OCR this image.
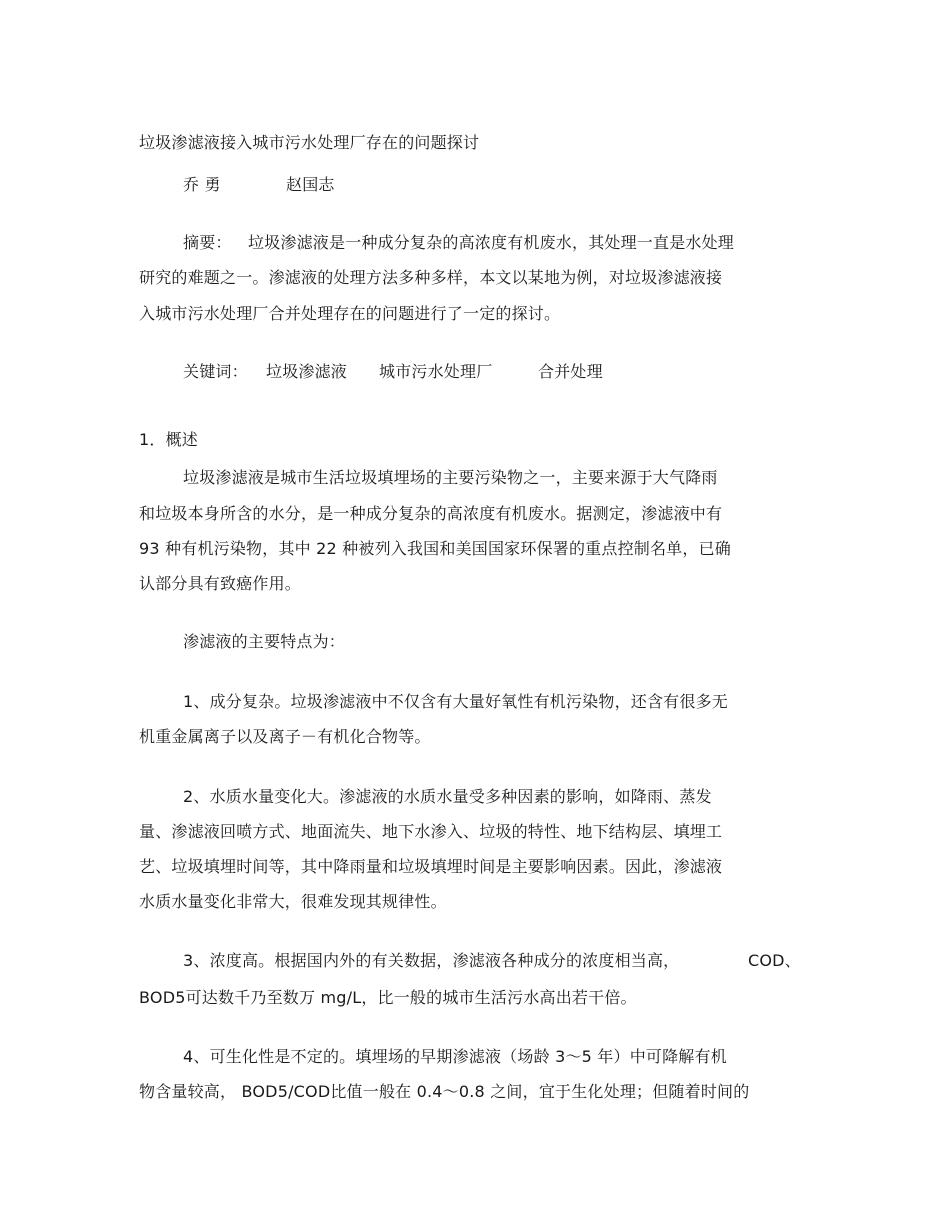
垃圾渗滤液接入城市污水处理厂存在的问题探讨
乔 勇	赵国志
摘要： 垃圾渗滤液是一种成分复杂的高浓度有机废水，其处理一直是水处理
研究的难题之一。渗滤液的处理方法多种多样，本文以某地为例，对垃圾渗滤液接
入城市污水处理厂合并处理存在的问题进行了一定的探讨。
关键词： 垃圾渗滤液 城市污水处理厂	合并处理
1．概述
垃圾渗滤液是城市生活垃圾填埋场的主要污染物之一，主要来源于大气降雨
和垃圾本身所含的水分，是一种成分复杂的高浓度有机废水。据测定，渗滤液中有
93 种有机污染物，其中 22 种被列入我国和美国国家环保署的重点控制名单，已确
认部分具有致癌作用。
渗滤液的主要特点为：
1、成分复杂。垃圾渗滤液中不仅含有大量好氧性有机污染物，还含有很多无
机重金属离子以及离子－有机化合物等。
2、水质水量变化大。渗滤液的水质水量受多种因素的影响，如降雨、蒸发
量、渗滤液回喷方式、地面流失、地下水渗入、垃圾的特性、地下结构层、填埋工
艺、垃圾填埋时间等，其中降雨量和垃圾填埋时间是主要影响因素。因此，渗滤液
水质水量变化非常大，很难发现其规律性。
3、浓度高。根据国内外的有关数据，渗滤液各种成分的浓度相当高，	COD、
BOD5可达数千乃至数万 mg/L，比一般的城市生活污水高出若干倍。
4、可生化性是不定的。填埋场的早期渗滤液（场龄 3～5 年）中可降解有机
物含量较高， BOD5/COD比值一般在 0.4～0.8 之间，宜于生化处理；但随着时间的
